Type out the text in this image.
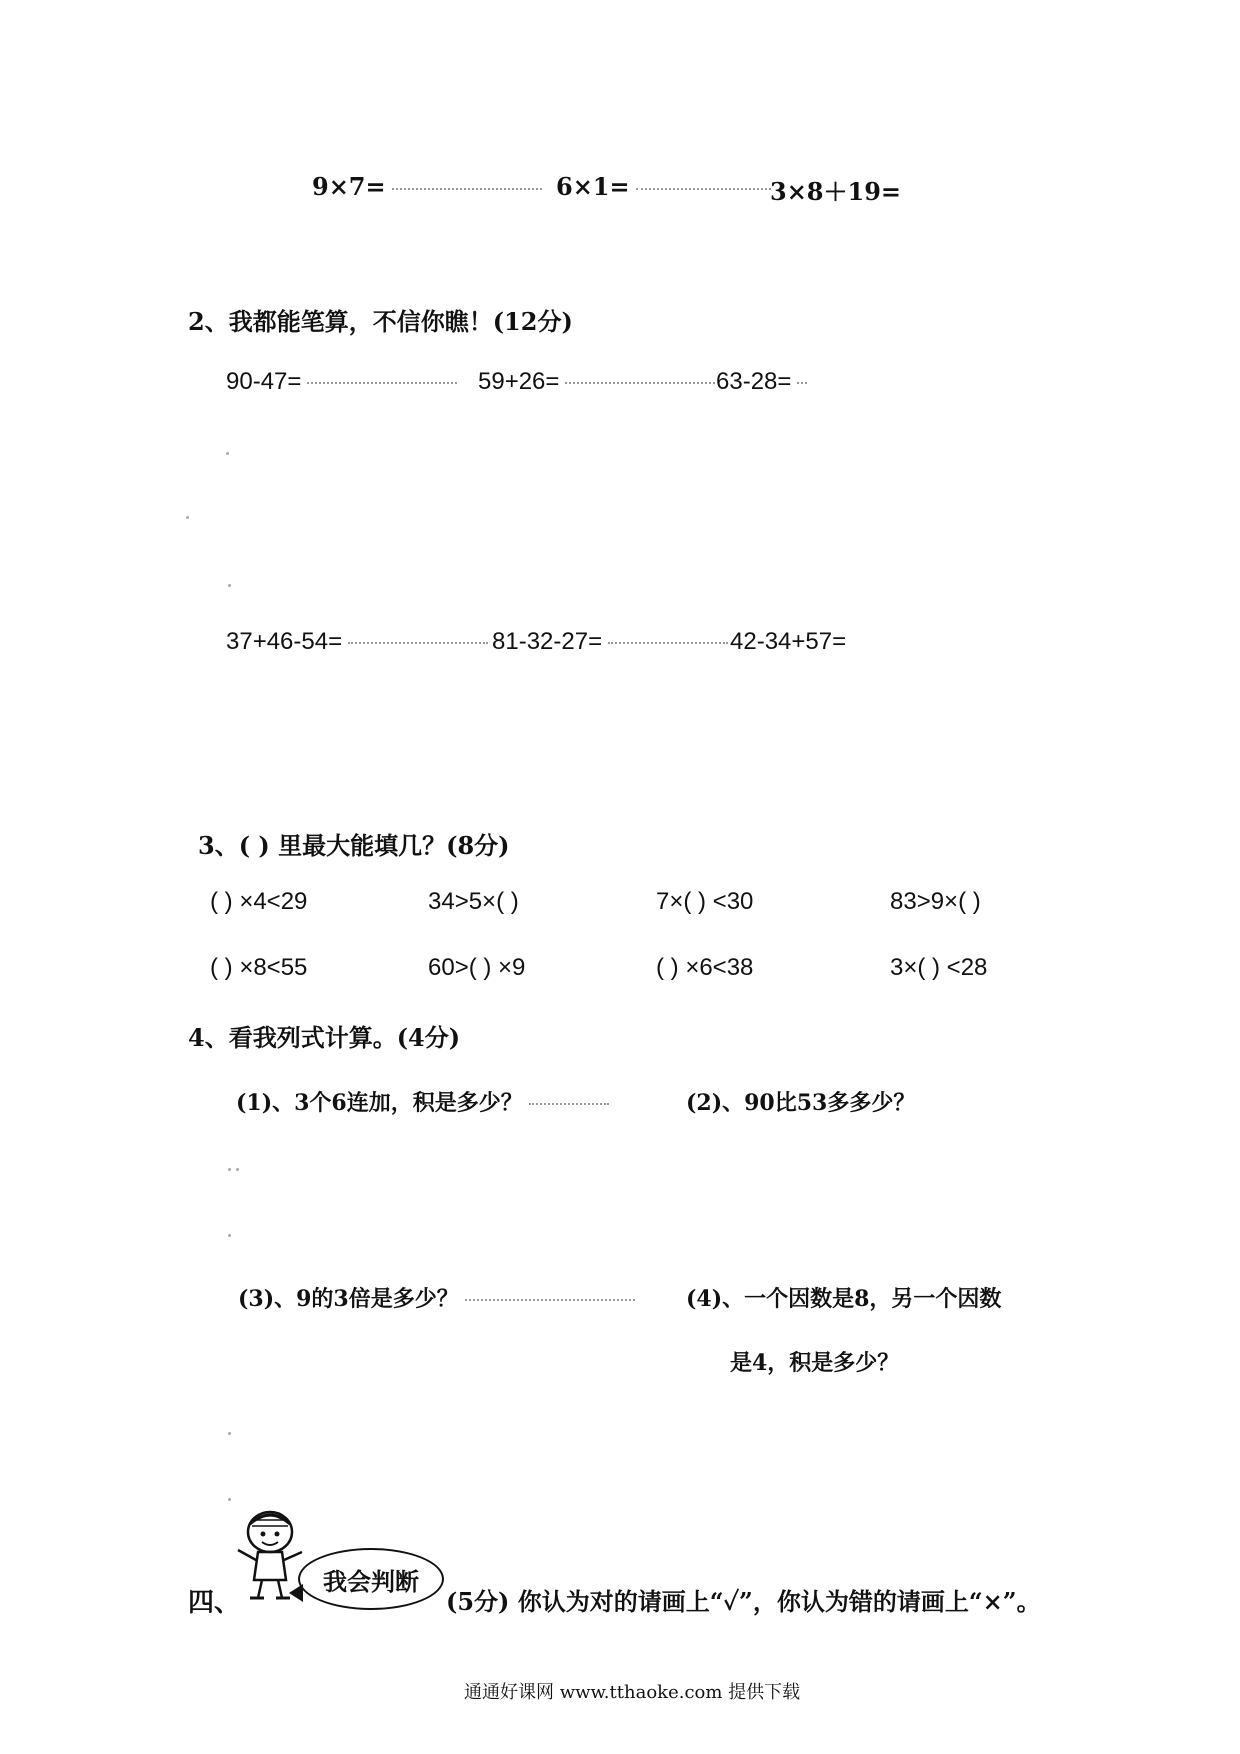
9×7=	6×1=	3×8＋19=
2、我都能笔算，不信你瞧！(12分)
90-47=	59+26=	63-28=
37+46-54=	81-32-27=	42-34+57=
3、( ) 里最大能填几？(8分)
( ) ×4<29	34>5×( )	7×( ) <30	83>9×( )
( ) ×8<55	60>( ) ×9	( ) ×6<38	3×( ) <28
4、看我列式计算。(4分)
(1)、3个6连加，积是多少？	(2)、90比53多多少？
(3)、9的3倍是多少？	(4)、一个因数是8，另一个因数
是4，积是多少？
四、
我会判断
(5分) 你认为对的请画上“✓”，你认为错的请画上“×”。
通通好课网 www.tthaoke.com 提供下载
